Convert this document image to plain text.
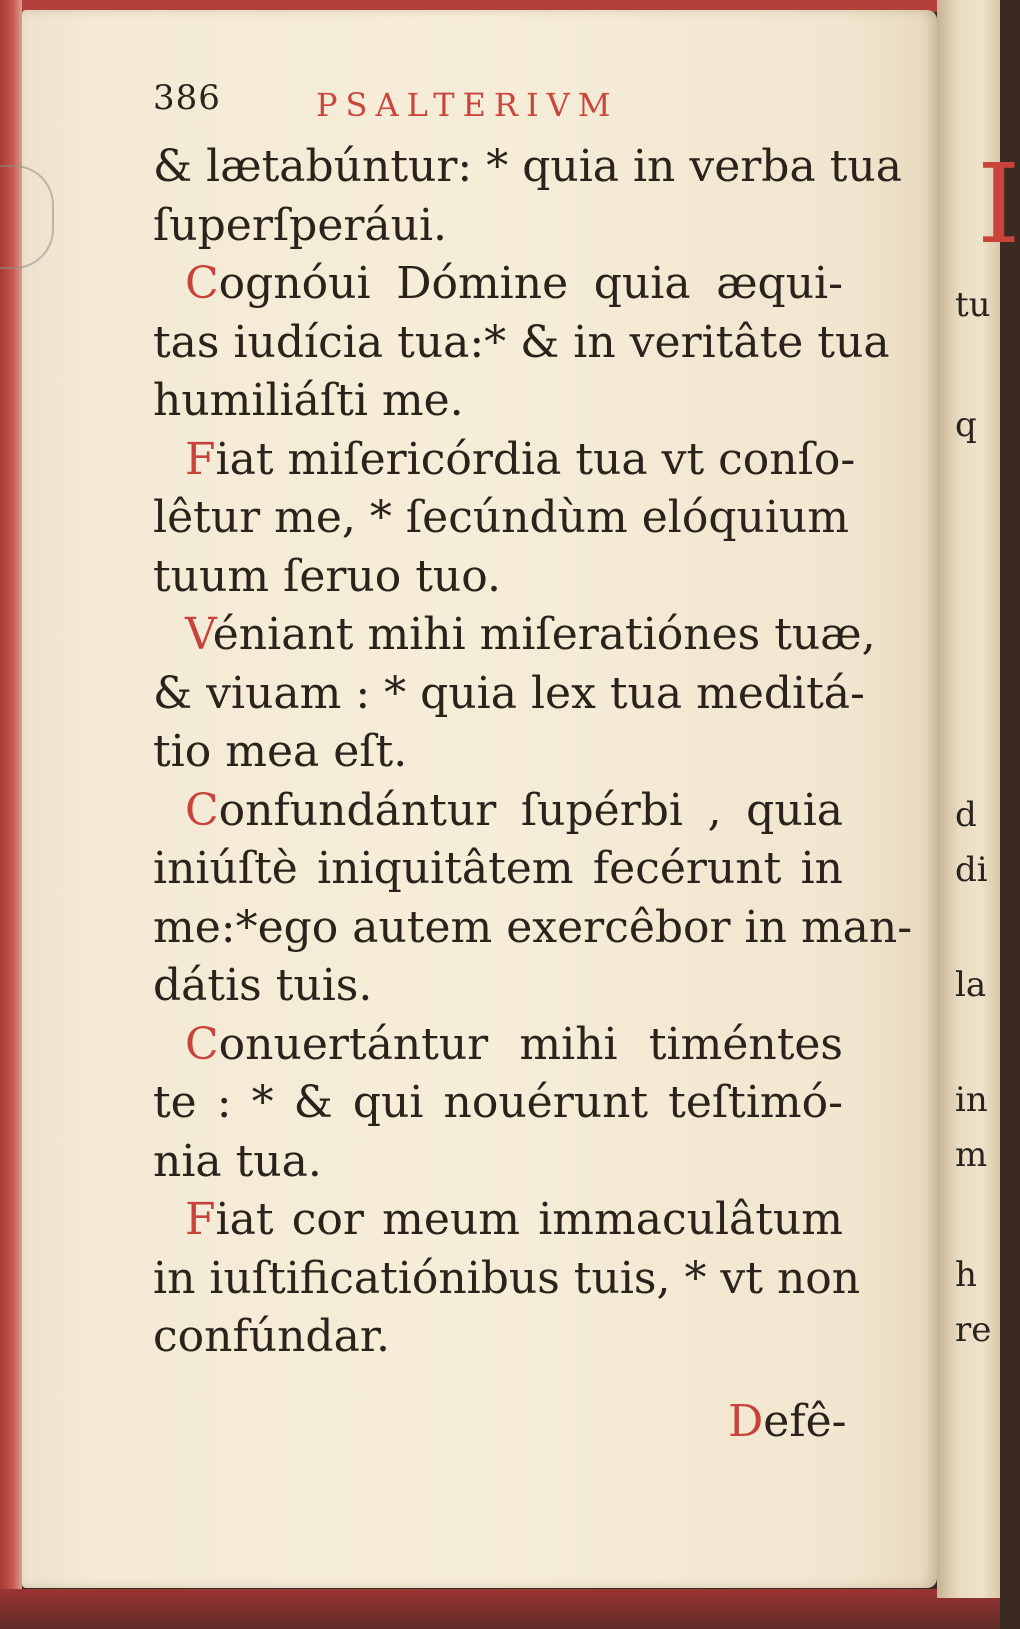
I
tu
q
d
di
la
in
m
h
re
386	PSALTERIVM
& lætabúntur: * quia in verba tua
ſuperſperáui.
Cognóui Dómine quia æqui-
tas iudícia tua:* & in veritâte tua
humiliáſti me.
Fiat miſericórdia tua vt conſo-
lêtur me, * ſecúndùm elóquium
tuum ſeruo tuo.
Véniant mihi miſeratiónes tuæ,
& viuam : * quia lex tua meditá-
tio mea eſt.
Confundántur ſupérbi , quia
iniúſtè iniquitâtem fecérunt in
me:*ego autem exercêbor in man-
dátis tuis.
Conuertántur mihi timéntes
te : * & qui nouérunt teſtimó-
nia tua.
Fiat cor meum immaculâtum
in iuſtificatiónibus tuis, * vt non
confúndar.
Defê-
